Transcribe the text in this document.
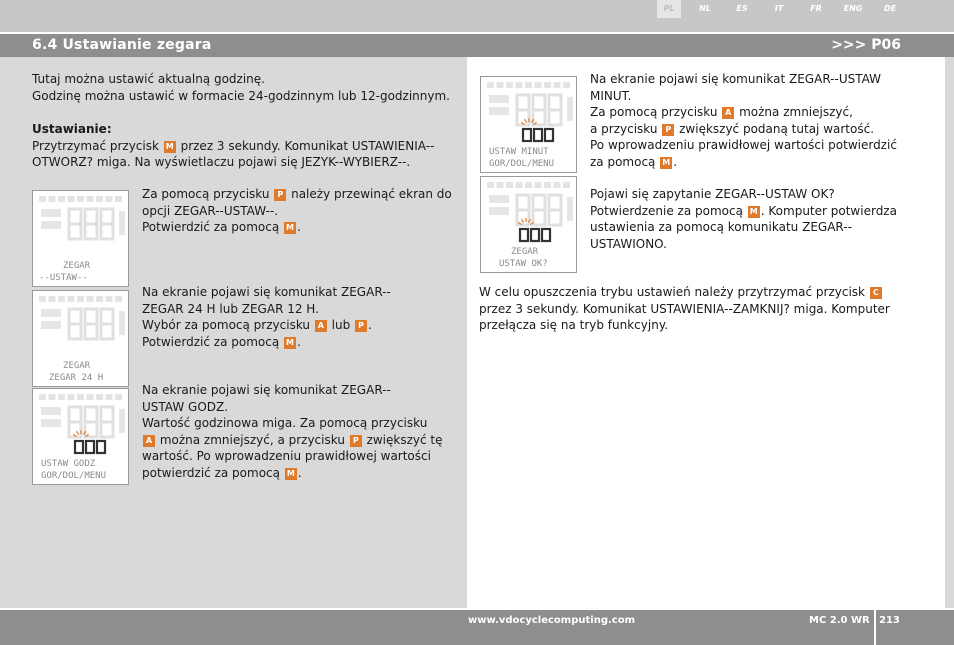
PL	NL	ES	IT	FR	ENG	DE
6.4 Ustawianie zegara	>>> P06
Tutaj można ustawić aktualną godzinę.
Godzinę można ustawić w formacie 24-godzinnym lub 12-godzinnym.
Ustawianie:
Przytrzymać przycisk M przez 3 sekundy. Komunikat USTAWIENIA--
OTWORZ? miga. Na wyświetlaczu pojawi się JEZYK--WYBIERZ--.
ZEGAR
--USTAW--
ZEGAR
ZEGAR 24 H
USTAW GODZ
GOR/DOL/MENU
USTAW MINUT
GOR/DOL/MENU
ZEGAR
USTAW OK?
Za pomocą przycisku P należy przewinąć ekran do
opcji ZEGAR--USTAW--.
Potwierdzić za pomocą M .
Na ekranie pojawi się komunikat ZEGAR--
ZEGAR 24 H lub ZEGAR 12 H.
Wybór za pomocą przycisku A lub P .
Potwierdzić za pomocą M .
Na ekranie pojawi się komunikat ZEGAR--
USTAW GODZ.
Wartość godzinowa miga. Za pomocą przycisku
A można zmniejszyć, a przycisku P zwiększyć tę
wartość. Po wprowadzeniu prawidłowej wartości
potwierdzić za pomocą M .
Na ekranie pojawi się komunikat ZEGAR--USTAW
MINUT.
Za pomocą przycisku A można zmniejszyć,
a przycisku P zwiększyć podaną tutaj wartość.
Po wprowadzeniu prawidłowej wartości potwierdzić
za pomocą M .
Pojawi się zapytanie ZEGAR--USTAW OK?
Potwierdzenie za pomocą M . Komputer potwierdza
ustawienia za pomocą komunikatu ZEGAR--
USTAWIONO.
W celu opuszczenia trybu ustawień należy przytrzymać przycisk C
przez 3 sekundy. Komunikat USTAWIENIA--ZAMKNIJ? miga. Komputer
przełącza się na tryb funkcyjny.
www.vdocyclecomputing.com	MC 2.0 WR 213
